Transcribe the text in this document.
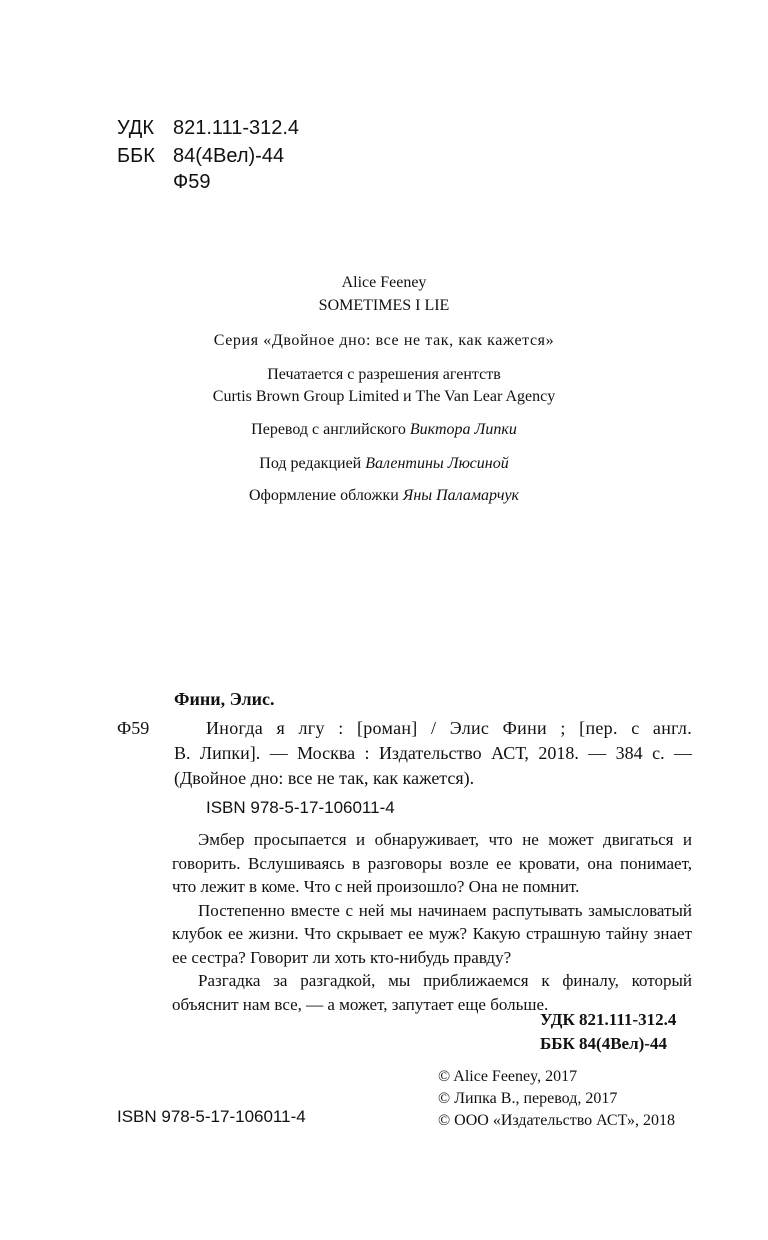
УДК 821.111-312.4
ББК 84(4Вел)-44
Ф59
Alice Feeney
SOMETIMES I LIE
Серия «Двойное дно: все не так, как кажется»
Печатается с разрешения агентств
Curtis Brown Group Limited и The Van Lear Agency
Перевод с английского Виктора Липки
Под редакцией Валентины Люсиной
Оформление обложки Яны Паламарчук
Фини, Элис.
Ф59	Иногда я лгу : [роман] / Элис Фини ; [пер. с англ.
В. Липки]. — Москва : Издательство АСТ, 2018. — 384 с. —
(Двойное дно: все не так, как кажется).
ISBN 978-5-17-106011-4

Эмбер просыпается и обнаруживает, что не может двигаться и говорить. Вслушиваясь в разговоры возле ее кровати, она понимает, что лежит в коме. Что с ней произошло? Она не помнит.

Постепенно вместе с ней мы начинаем распутывать замысловатый клубок ее жизни. Что скрывает ее муж? Какую страшную тайну знает ее сестра? Говорит ли хоть кто-нибудь правду?

Разгадка за разгадкой, мы приближаемся к финалу, который объяснит нам все, — а может, запутает еще больше.

УДК 821.111-312.4
ББК 84(4Вел)-44
© Alice Feeney, 2017
© Липка В., перевод, 2017
© ООО «Издательство АСТ», 2018
ISBN 978-5-17-106011-4
